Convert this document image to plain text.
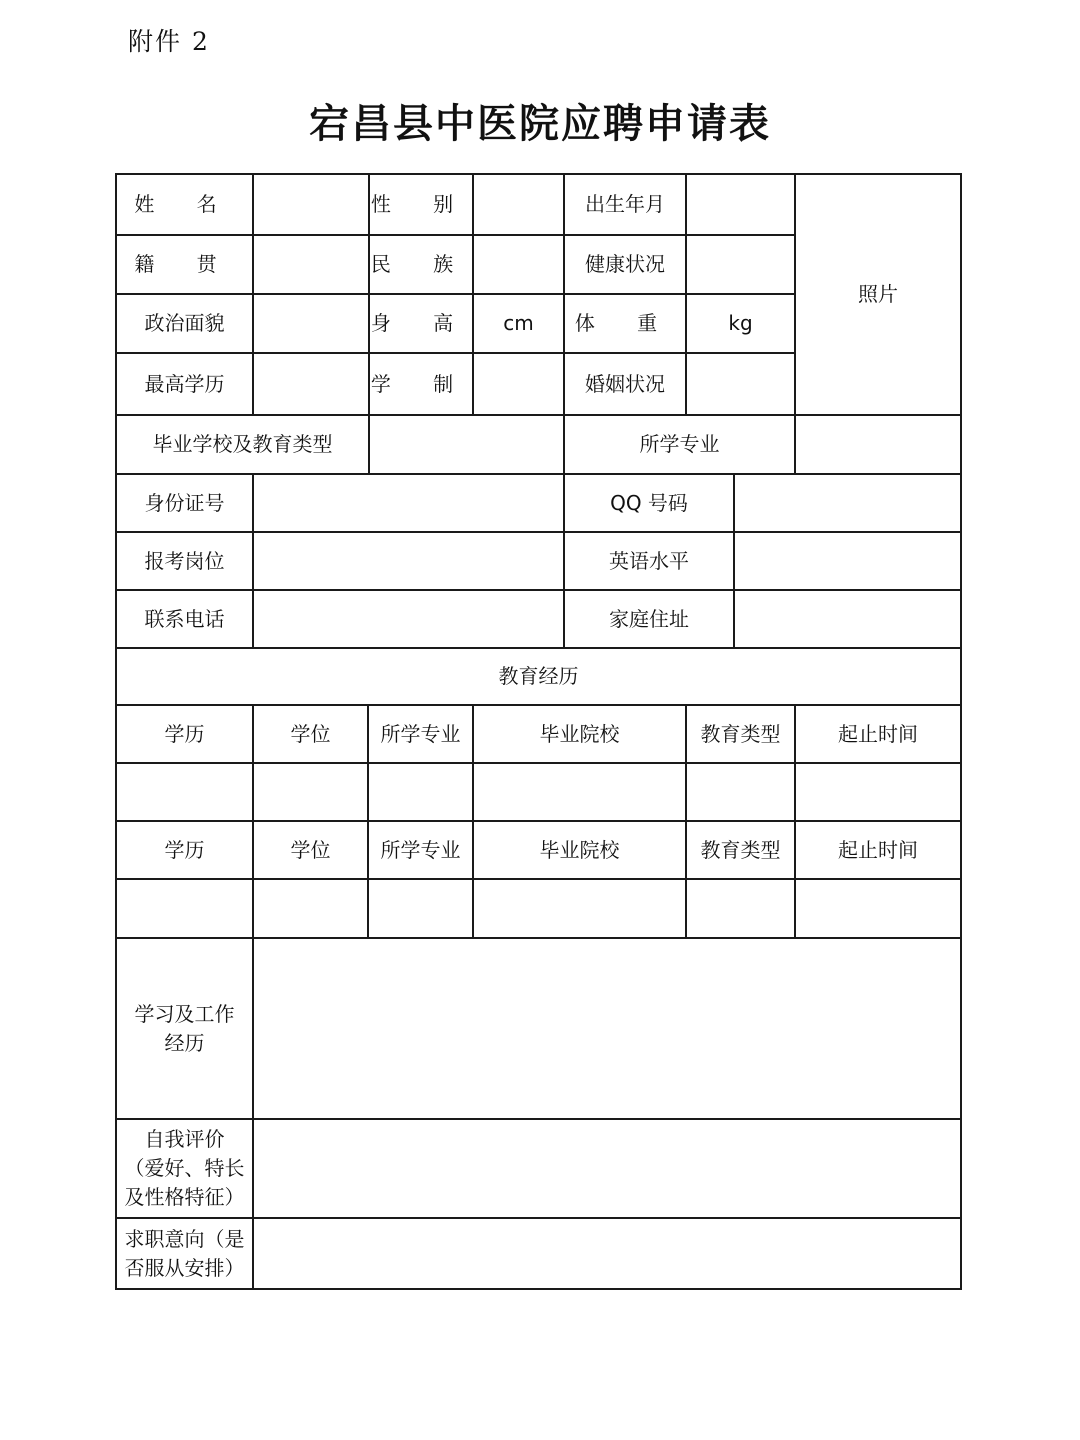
附件 2
宕昌县中医院应聘申请表
姓 名		性 别		出生年月			照片
籍 贯		民 族		健康状况			
政治面貌		身 高	cm	体 重	kg		
最高学历		学 制		婚姻状况			
毕业学校及教育类型				所学专业			
身份证号				QQ 号码			
报考岗位				英语水平			
联系电话				家庭住址			
教育经历							
学历	学位	所学专业	毕业院校		教育类型		起止时间

学历	学位	所学专业	毕业院校		教育类型		起止时间

学习及工作
经历							
自我评价
（爱好、特长
及性格特征）							
求职意向（是
否服从安排）							
